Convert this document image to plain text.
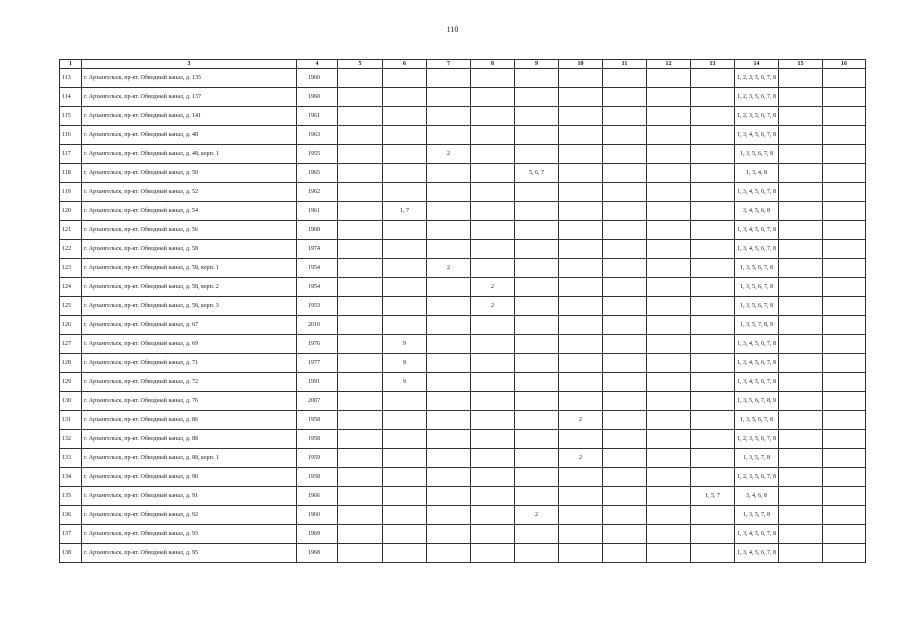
110
1	3	4	5	6	7	8	9	10	11	12	13	14	15	16
113	г. Архангельск, пр-кт. Обводный канал, д. 135	1960										1, 2, 3, 5, 6, 7, 8		
114	г. Архангельск, пр-кт. Обводный канал, д. 137	1960										1, 2, 3, 5, 6, 7, 8		
115	г. Архангельск, пр-кт. Обводный канал, д. 141	1961										1, 2, 3, 5, 6, 7, 8		
116	г. Архангельск, пр-кт. Обводный канал, д. 48	1963										1, 3, 4, 5, 6, 7, 8		
117	г. Архангельск, пр-кт. Обводный канал, д. 48, корп. 1	1955			2							1, 3, 5, 6, 7, 8		
118	г. Архангельск, пр-кт. Обводный канал, д. 50	1965					5, 6, 7					1, 3, 4, 8		
119	г. Архангельск, пр-кт. Обводный канал, д. 52	1962										1, 3, 4, 5, 6, 7, 8		
120	г. Архангельск, пр-кт. Обводный канал, д. 54	1961		1, 7								3, 4, 5, 6, 8		
121	г. Архангельск, пр-кт. Обводный канал, д. 56	1968										1, 3, 4, 5, 6, 7, 8		
122	г. Архангельск, пр-кт. Обводный канал, д. 58	1974										1, 3, 4, 5, 6, 7, 8		
123	г. Архангельск, пр-кт. Обводный канал, д. 58, корп. 1	1954			2							1, 3, 5, 6, 7, 8		
124	г. Архангельск, пр-кт. Обводный канал, д. 58, корп. 2	1954				2						1, 3, 5, 6, 7, 8		
125	г. Архангельск, пр-кт. Обводный канал, д. 58, корп. 3	1953				2						1, 3, 5, 6, 7, 8		
126	г. Архангельск, пр-кт. Обводный канал, д. 67	2010										1, 3, 5, 7, 8, 9		
127	г. Архангельск, пр-кт. Обводный канал, д. 69	1976		9								1, 3, 4, 5, 6, 7, 8		
128	г. Архангельск, пр-кт. Обводный канал, д. 71	1977		9								1, 3, 4, 5, 6, 7, 8		
129	г. Архангельск, пр-кт. Обводный канал, д. 72	1991		9								1, 3, 4, 5, 6, 7, 8		
130	г. Архангельск, пр-кт. Обводный канал, д. 76	2007										1, 3, 5, 6, 7, 8, 9		
131	г. Архангельск, пр-кт. Обводный канал, д. 86	1958						2				1, 3, 5, 6, 7, 8		
132	г. Архангельск, пр-кт. Обводный канал, д. 88	1958										1, 2, 3, 5, 6, 7, 8		
133	г. Архангельск, пр-кт. Обводный канал, д. 88, корп. 1	1959						2				1, 3, 5, 7, 8		
134	г. Архангельск, пр-кт. Обводный канал, д. 90	1958										1, 2, 3, 5, 6, 7, 8		
135	г. Архангельск, пр-кт. Обводный канал, д. 91	1966									1, 5, 7	3, 4, 6, 8		
136	г. Архангельск, пр-кт. Обводный канал, д. 92	1960					2					1, 3, 5, 7, 8		
137	г. Архангельск, пр-кт. Обводный канал, д. 93	1969										1, 3, 4, 5, 6, 7, 8		
138	г. Архангельск, пр-кт. Обводный канал, д. 95	1968										1, 3, 4, 5, 6, 7, 8		
